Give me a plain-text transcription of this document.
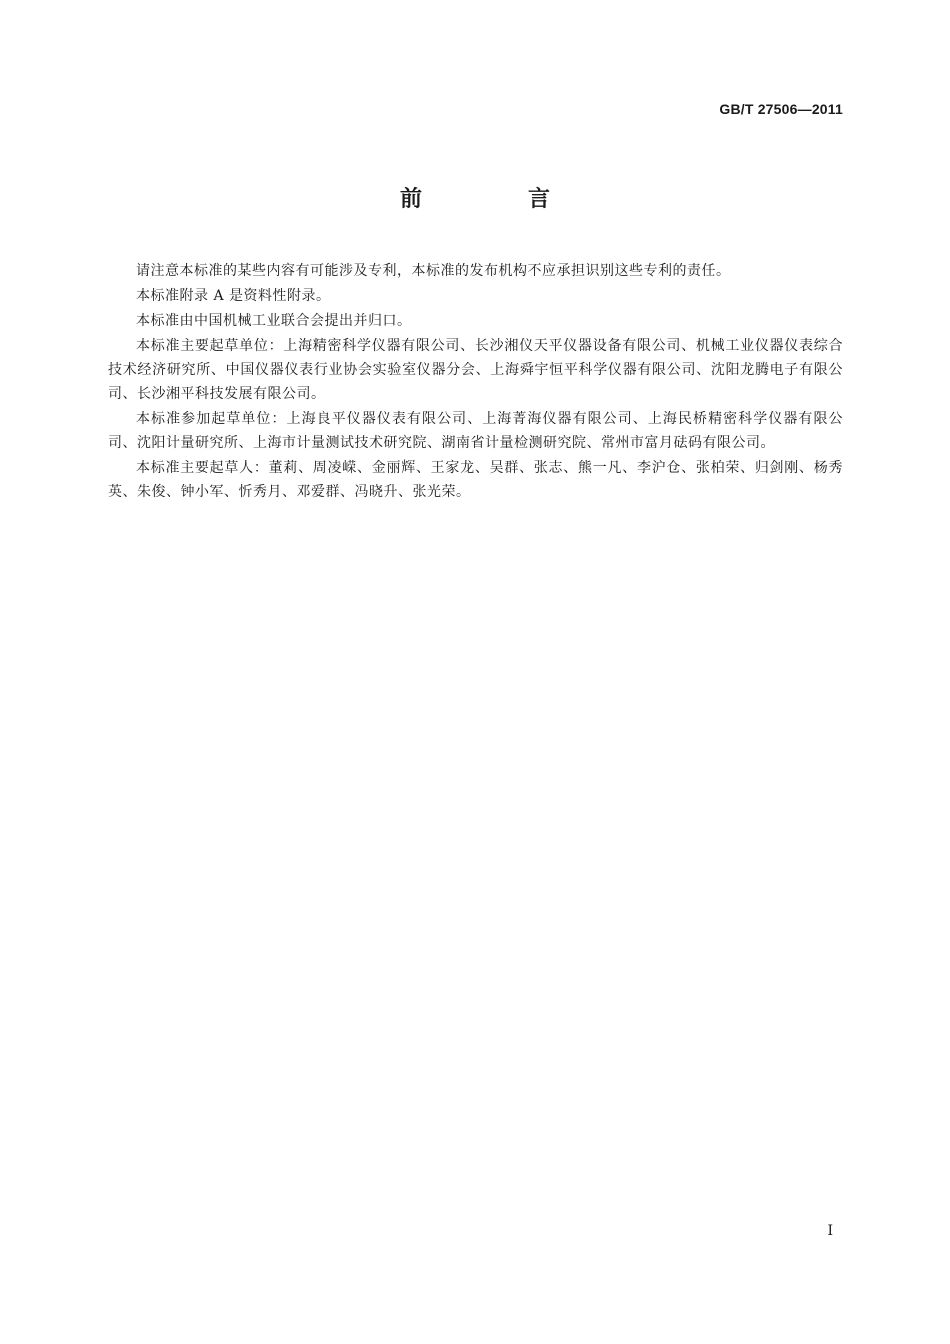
GB/T 27506—2011
前　言

请注意本标准的某些内容有可能涉及专利，本标准的发布机构不应承担识别这些专利的责任。

本标准附录 A 是资料性附录。

本标准由中国机械工业联合会提出并归口。

本标准主要起草单位：上海精密科学仪器有限公司、长沙湘仪天平仪器设备有限公司、机械工业仪器仪表综合技术经济研究所、中国仪器仪表行业协会实验室仪器分会、上海舜宇恒平科学仪器有限公司、沈阳龙腾电子有限公司、长沙湘平科技发展有限公司。

本标准参加起草单位：上海良平仪器仪表有限公司、上海菁海仪器有限公司、上海民桥精密科学仪器有限公司、沈阳计量研究所、上海市计量测试技术研究院、湖南省计量检测研究院、常州市富月砝码有限公司。

本标准主要起草人：董莉、周凌嵘、金丽辉、王家龙、吴群、张志、熊一凡、李沪仓、张柏荣、归剑刚、杨秀英、朱俊、钟小军、忻秀月、邓爱群、冯晓升、张光荣。

I
